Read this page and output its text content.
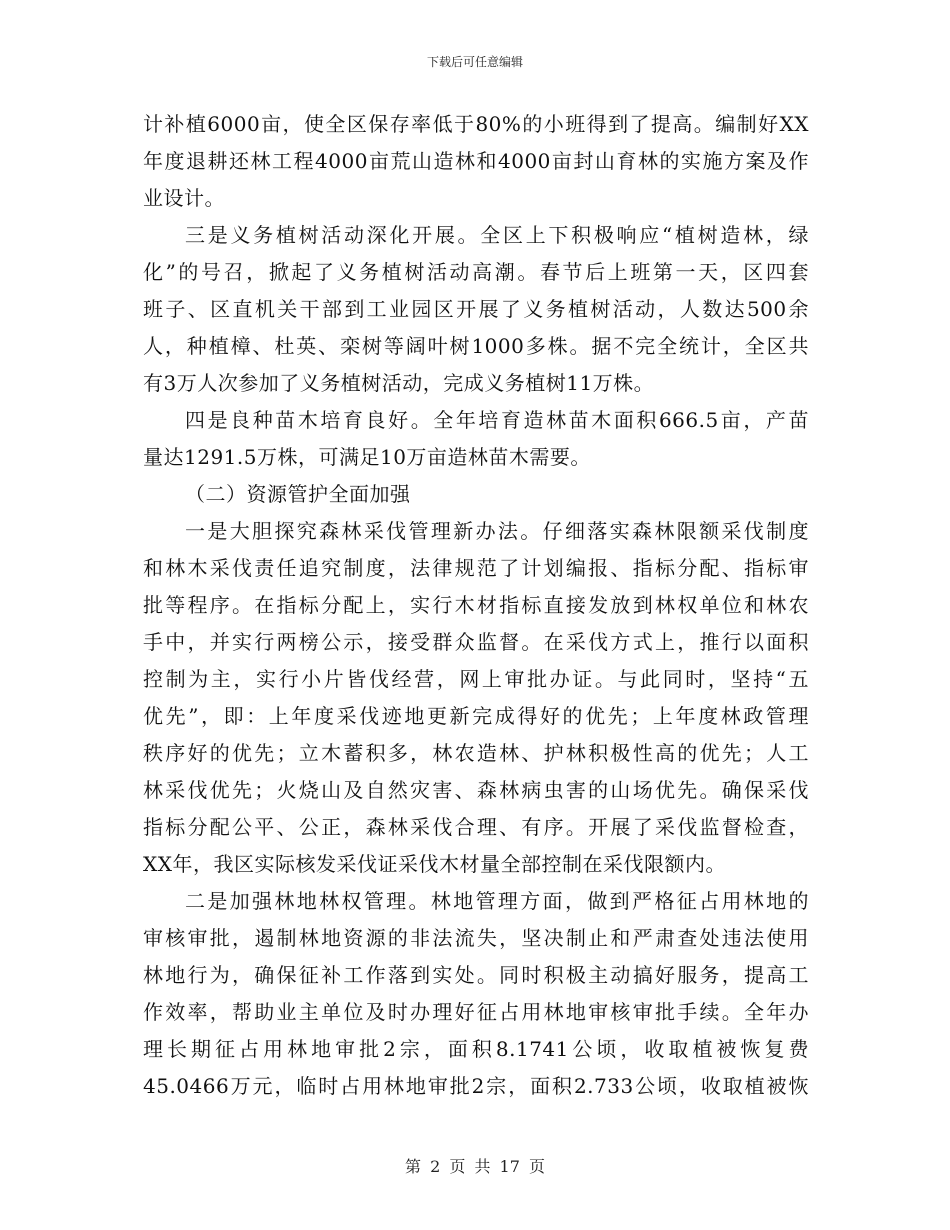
下载后可任意编辑
计补植6000亩，使全区保存率低于80%的小班得到了提高。编制好XX
年度退耕还林工程4000亩荒山造林和4000亩封山育林的实施方案及作
业设计。
三是义务植树活动深化开展。全区上下积极响应“植树造林，绿
化”的号召，掀起了义务植树活动高潮。春节后上班第一天，区四套
班子、区直机关干部到工业园区开展了义务植树活动，人数达500余
人，种植樟、杜英、栾树等阔叶树1000多株。据不完全统计，全区共
有3万人次参加了义务植树活动，完成义务植树11万株。
四是良种苗木培育良好。全年培育造林苗木面积666.5亩，产苗
量达1291.5万株，可满足10万亩造林苗木需要。
（二）资源管护全面加强
一是大胆探究森林采伐管理新办法。仔细落实森林限额采伐制度
和林木采伐责任追究制度，法律规范了计划编报、指标分配、指标审
批等程序。在指标分配上，实行木材指标直接发放到林权单位和林农
手中，并实行两榜公示，接受群众监督。在采伐方式上，推行以面积
控制为主，实行小片皆伐经营，网上审批办证。与此同时，坚持“五
优先”，即：上年度采伐迹地更新完成得好的优先；上年度林政管理
秩序好的优先；立木蓄积多，林农造林、护林积极性高的优先；人工
林采伐优先；火烧山及自然灾害、森林病虫害的山场优先。确保采伐
指标分配公平、公正，森林采伐合理、有序。开展了采伐监督检查，
XX年，我区实际核发采伐证采伐木材量全部控制在采伐限额内。
二是加强林地林权管理。林地管理方面，做到严格征占用林地的
审核审批，遏制林地资源的非法流失，坚决制止和严肃查处违法使用
林地行为，确保征补工作落到实处。同时积极主动搞好服务，提高工
作效率，帮助业主单位及时办理好征占用林地审核审批手续。全年办
理长期征占用林地审批2宗，面积8.1741公顷，收取植被恢复费
45.0466万元，临时占用林地审批2宗，面积2.733公顷，收取植被恢
第 2 页 共 17 页
